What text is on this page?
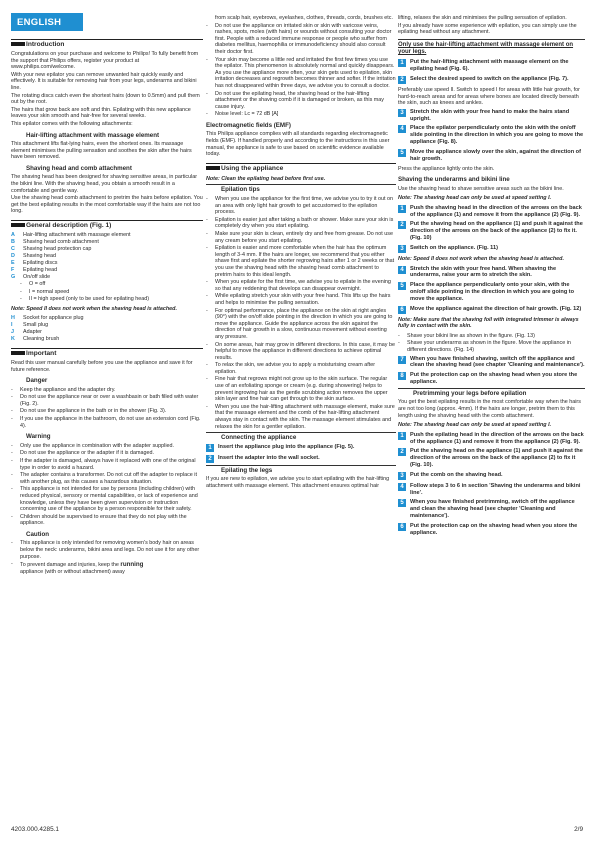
ENGLISH
Introduction

Congratulations on your purchase and welcome to Philips! To fully benefit from the support that Philips offers, register your product at www.philips.com/welcome.

With your new epilator you can remove unwanted hair quickly easily and effectively. It is suitable for removing hair from your legs, underarms and bikini line.

The rotating discs catch even the shortest hairs (down to 0.5mm) and pull them out by the root.

The hairs that grow back are soft and thin. Epilating with this new appliance leaves your skin smooth and hair-free for several weeks.

This epilator comes with the following attachments:

Hair-lifting attachment with massage element

This attachment lifts flat-lying hairs, even the shortest ones. Its massage element minimises the pulling sensation and soothes the skin after the hairs have been removed.

Shaving head and comb attachment

The shaving head has been designed for shaving sensitive areas, in particular the bikini line. With the shaving head, you obtain a smooth result in a comfortable and gentle way.

Use the shaving head comb attachment to pretrim the hairs before epilation. You get the best epilating results in the most comfortable way if the hairs are not too long.

General description (Fig. 1)
A	Hair-lifting attachment with massage element
B	Shaving head comb attachment
C	Shaving head protection cap
D	Shaving head
E	Epilating discs
F	Epilating head
G	On/off slide
- O = off
- I = normal speed
- II = high speed (only to be used for epilating head)

Note: Speed II does not work when the shaving head is attached.

H	Socket for appliance plug
I	Small plug
J	Adapter
K	Cleaning brush
Important

Read this user manual carefully before you use the appliance and save it for future reference.

Danger
- Keep the appliance and the adapter dry.
- Do not use the appliance near or over a washbasin or bath filled with water (Fig. 2).
- Do not use the appliance in the bath or in the shower (Fig. 3).
- If you use the appliance in the bathroom, do not use an extension cord (Fig. 4).
Warning
- Only use the appliance in combination with the adapter supplied.
- Do not use the appliance or the adapter if it is damaged.
- If the adapter is damaged, always have it replaced with one of the original type in order to avoid a hazard.
- The adapter contains a transformer. Do not cut off the adapter to replace it with another plug, as this causes a hazardous situation.
- This appliance is not intended for use by persons (including children) with reduced physical, sensory or mental capabilities, or lack of experience and knowledge, unless they have been given supervision or instruction concerning use of the appliance by a person responsible for their safety.
- Children should be supervised to ensure that they do not play with the appliance.
Caution
- This appliance is only intended for removing women's body hair on areas below the neck: underarms, bikini area and legs. Do not use it for any other purpose.
- To prevent damage and injuries, keep the running
appliance (with or without attachment) away

from scalp hair, eyebrows, eyelashes, clothes, threads, cords, brushes etc.

- Do not use the appliance on irritated skin or skin with varicose veins, rashes, spots, moles (with hairs) or wounds without consulting your doctor first. People with a reduced immune response or people who suffer from diabetes mellitus, haemophilia or immunodeficiency should also consult their doctor first.
- Your skin may become a little red and irritated the first few times you use the epilator. This phenomenon is absolutely normal and quickly disappears. As you use the appliance more often, your skin gets used to epilation, skin irritation decreases and regrowth becomes thinner and softer. If the irritation has not disappeared within three days, we advise you to consult a doctor.
- Do not use the epilating head, the shaving head or the hair-lifting attachment or the shaving comb if it is damaged or broken, as this may cause injury.
- Noise level: Lc = 72 dB [A]
Electromagnetic fields (EMF)

This Philips appliance complies with all standards regarding electromagnetic fields (EMF). If handled properly and according to the instructions in this user manual, the appliance is safe to use based on scientific evidence available today.

Using the appliance

Note: Clean the epilating head before first use.

Epilation tips
- When you use the appliance for the first time, we advise you to try it out on an area with only light hair growth to get accustomed to the epilation process.
- Epilation is easier just after taking a bath or shower. Make sure your skin is completely dry when you start epilating.
- Make sure your skin is clean, entirely dry and free from grease. Do not use any cream before you start epilating.
- Epilation is easier and more comfortable when the hair has the optimum length of 3-4 mm. If the hairs are longer, we recommend that you either shave first and epilate the shorter regrowing hairs after 1 or 2 weeks or that you use the shaving head with the shaving head comb attachment to pretrim hairs to this ideal length.
- When you epilate for the first time, we advise you to epilate in the evening so that any reddening that develops can disappear overnight.
- While epilating stretch your skin with your free hand. This lifts up the hairs and helps to minimise the pulling sensation.
- For optimal performance, place the appliance on the skin at right angles (90°) with the on/off slide pointing in the direction in which you are going to move the appliance. Guide the appliance across the skin against the direction of hair growth in a slow, continuous movement without exerting any pressure.
- On some areas, hair may grow in different directions. In this case, it may be helpful to move the appliance in different directions to achieve optimal results.
- To relax the skin, we advise you to apply a moisturising cream after epilation.
- Fine hair that regrows might not grow up to the skin surface. The regular use of an exfoliating sponge or cream (e.g. during showering) helps to prevent ingrowing hair as the gentle scrubbing action removes the upper skin layer and fine hair can get through to the skin surface.
- When you use the hair-lifting attachment with massage element, make sure that the massage element and the comb of the hair-lifting attachment always stay in contact with the skin. The massage element stimulates and relaxes the skin for a gentler epilation.
Connecting the appliance
1	Insert the appliance plug into the appliance (Fig. 5).
2	Insert the adapter into the wall socket.
Epilating the legs

If you are new to epilation, we advise you to start epilating with the hair-lifting attachment with massage element. This attachment ensures optimal hair

lifting, relaxes the skin and minimises the pulling sensation of epilation.

If you already have some experience with epilation, you can simply use the epilating head without any attachment.

Only use the hair-lifting attachment with massage element on your legs.
1	Put the hair-lifting attachment with massage element on the epilating head (Fig. 6).
2	Select the desired speed to switch on the appliance (Fig. 7).

Preferably use speed II. Switch to speed I for areas with little hair growth, for hard-to-reach areas and for areas where bones are located directly beneath the skin, such as knees and ankles.

3	Stretch the skin with your free hand to make the hairs stand upright.
4	Place the epilator perpendicularly onto the skin with the on/off slide pointing in the direction in which you are going to move the appliance (Fig. 8).
5	Move the appliance slowly over the skin, against the direction of hair growth.

Press the appliance lightly onto the skin.

Shaving the underarms and bikini line

Use the shaving head to shave sensitive areas such as the bikini line.

Note: The shaving head can only be used at speed setting I.

1	Push the shaving head in the direction of the arrows on the back of the appliance (1) and remove it from the appliance (2) (Fig. 9).
2	Put the shaving head on the appliance (1) and push it against the direction of the arrows on the back of the appliance (2) to fix it. (Fig. 10)
3	Switch on the appliance. (Fig. 11)

Note: Speed II does not work when the shaving head is attached.

4	Stretch the skin with your free hand. When shaving the underarms, raise your arm to stretch the skin.
5	Place the appliance perpendicularly onto your skin, with the on/off slide pointing in the direction in which you are going to move the appliance.
6	Move the appliance against the direction of hair growth. (Fig. 12)

Note: Make sure that the shaving foil with integrated trimmer is always fully in contact with the skin.

- Shave your bikini line as shown in the figure. (Fig. 13)
- Shave your underarms as shown in the figure. Move the appliance in different directions. (Fig. 14)
7	When you have finished shaving, switch off the appliance and clean the shaving head (see chapter 'Cleaning and maintenance').
8	Put the protection cap on the shaving head when you store the appliance.
Pretrimming your legs before epilation

You get the best epilating results in the most comfortable way when the hairs are not too long (approx. 4mm). If the hairs are longer, pretrim them to this length using the shaving head with the comb attachment.

Note: The shaving head can only be used at speed setting I.

1	Push the epilating head in the direction of the arrows on the back of the appliance (1) and remove it from the appliance (2) (Fig. 9).
2	Put the shaving head on the appliance (1) and push it against the direction of the arrows on the back of the appliance (2) to fix it (Fig. 10).
3	Put the comb on the shaving head.
4	Follow steps 3 to 6 in section 'Shaving the underarms and bikini line'.
5	When you have finished pretrimming, switch off the appliance and clean the shaving head (see chapter 'Cleaning and maintenance').
6	Put the protection cap on the shaving head when you store the appliance.
4203.000.4285.1	2/9
